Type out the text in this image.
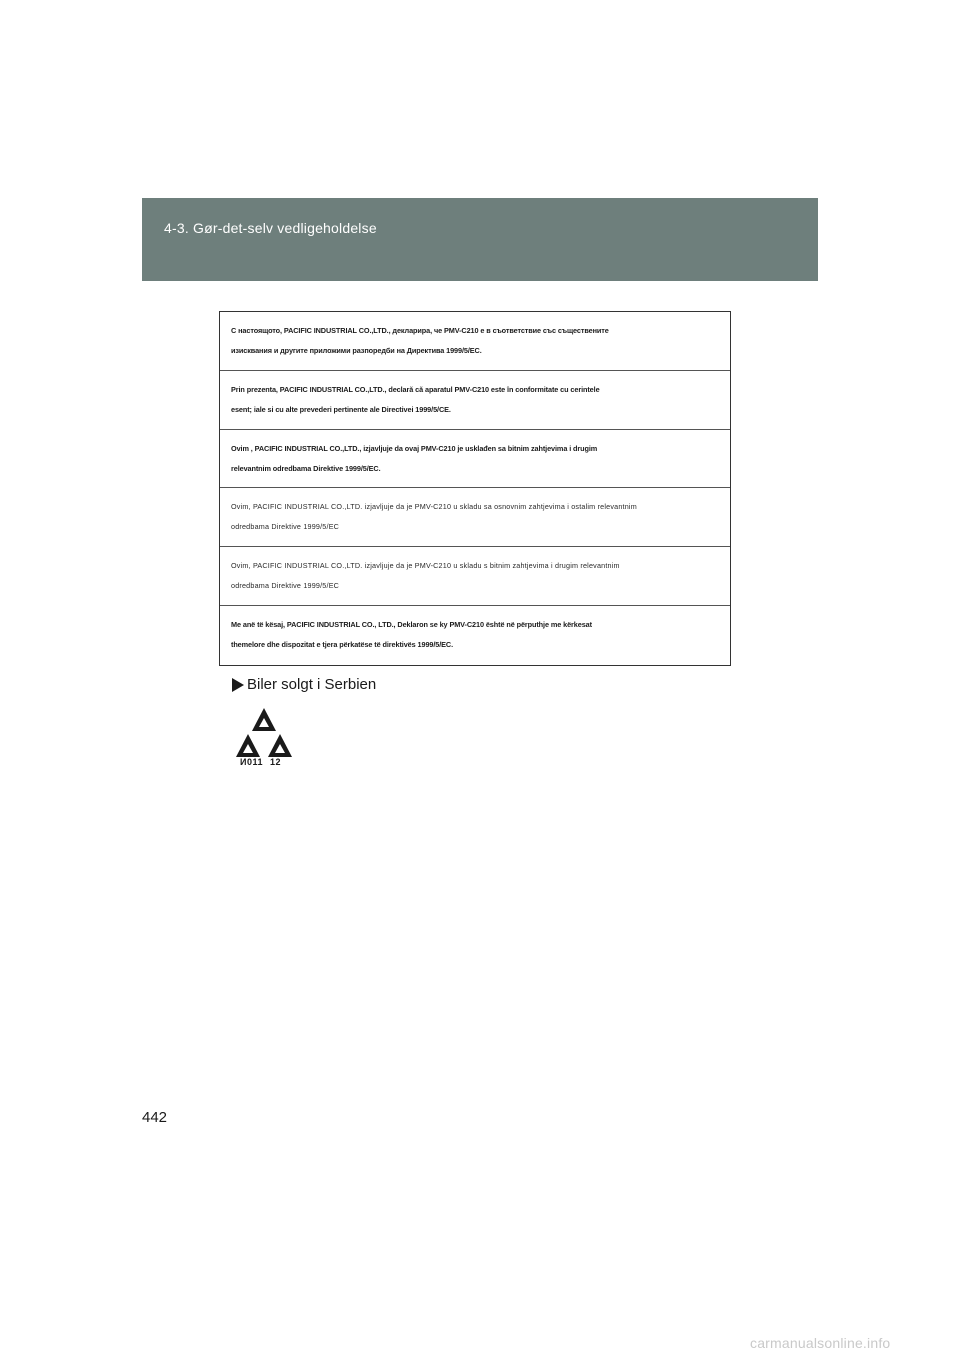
4-3. Gør-det-selv vedligeholdelse
С настоящото, PACIFIC INDUSTRIAL CO.,LTD., декларира, че PMV-C210 е в съответствие със съществените
изисквания и другите приложими разпоредби на Директива 1999/5/ЕС.
Prin prezenta, PACIFIC INDUSTRIAL CO.,LTD., declară că aparatul PMV-C210 este în conformitate cu cerintele
esent; iale si cu alte prevederi pertinente ale Directivei 1999/5/CE.
Ovim , PACIFIC INDUSTRIAL CO.,LTD., izjavljuje da ovaj PMV-C210 je usklađen sa bitnim zahtjevima i drugim
relevantnim odredbama Direktive 1999/5/EC.
Ovim, PACIFIC INDUSTRIAL CO.,LTD. izjavljuje da je PMV-C210 u skladu sa osnovnim zahtjevima i ostalim relevantnim
odredbama Direktive 1999/5/EC
Ovim, PACIFIC INDUSTRIAL CO.,LTD. izjavljuje da je PMV-C210 u skladu s bitnim zahtjevima i drugim relevantnim
odredbama Direktive 1999/5/EC
Me anë të kësaj, PACIFIC INDUSTRIAL CO., LTD., Deklaron se ky PMV-C210 është në përputhje me kërkesat
themelore dhe dispozitat e tjera përkatëse të direktivës 1999/5/EC.
Biler solgt i Serbien
И011 12
442
carmanualsonline.info
